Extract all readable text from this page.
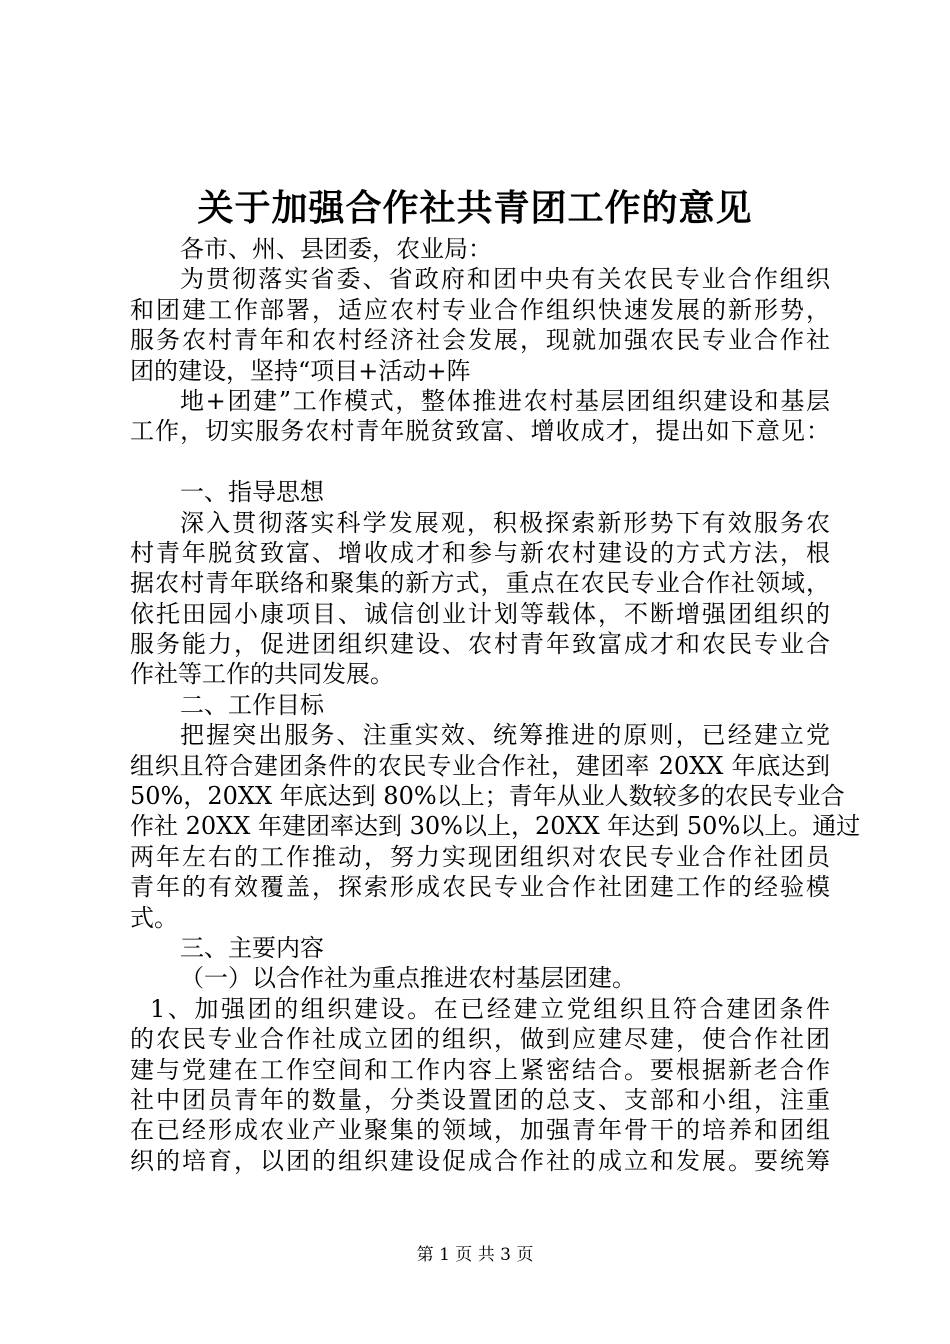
关于加强合作社共青团工作的意见
各市、州、县团委，农业局：
为贯彻落实省委、省政府和团中央有关农民专业合作组织
和团建工作部署，适应农村专业合作组织快速发展的新形势，
服务农村青年和农村经济社会发展，现就加强农民专业合作社
团的建设，坚持“项目+活动+阵
地+团建”工作模式，整体推进农村基层团组织建设和基层
工作，切实服务农村青年脱贫致富、增收成才，提出如下意见：
一、指导思想
深入贯彻落实科学发展观，积极探索新形势下有效服务农
村青年脱贫致富、增收成才和参与新农村建设的方式方法，根
据农村青年联络和聚集的新方式，重点在农民专业合作社领域，
依托田园小康项目、诚信创业计划等载体，不断增强团组织的
服务能力，促进团组织建设、农村青年致富成才和农民专业合
作社等工作的共同发展。
二、工作目标
把握突出服务、注重实效、统筹推进的原则，已经建立党
组织且符合建团条件的农民专业合作社，建团率 20XX 年底达到
50%，20XX 年底达到 80%以上；青年从业人数较多的农民专业合
作社 20XX 年建团率达到 30%以上，20XX 年达到 50%以上。通过
两年左右的工作推动，努力实现团组织对农民专业合作社团员
青年的有效覆盖，探索形成农民专业合作社团建工作的经验模
式。
三、主要内容
（一）以合作社为重点推进农村基层团建。
1、加强团的组织建设。在已经建立党组织且符合建团条件
的农民专业合作社成立团的组织，做到应建尽建，使合作社团
建与党建在工作空间和工作内容上紧密结合。要根据新老合作
社中团员青年的数量，分类设置团的总支、支部和小组，注重
在已经形成农业产业聚集的领域，加强青年骨干的培养和团组
织的培育，以团的组织建设促成合作社的成立和发展。要统筹
第 1 页 共 3 页
